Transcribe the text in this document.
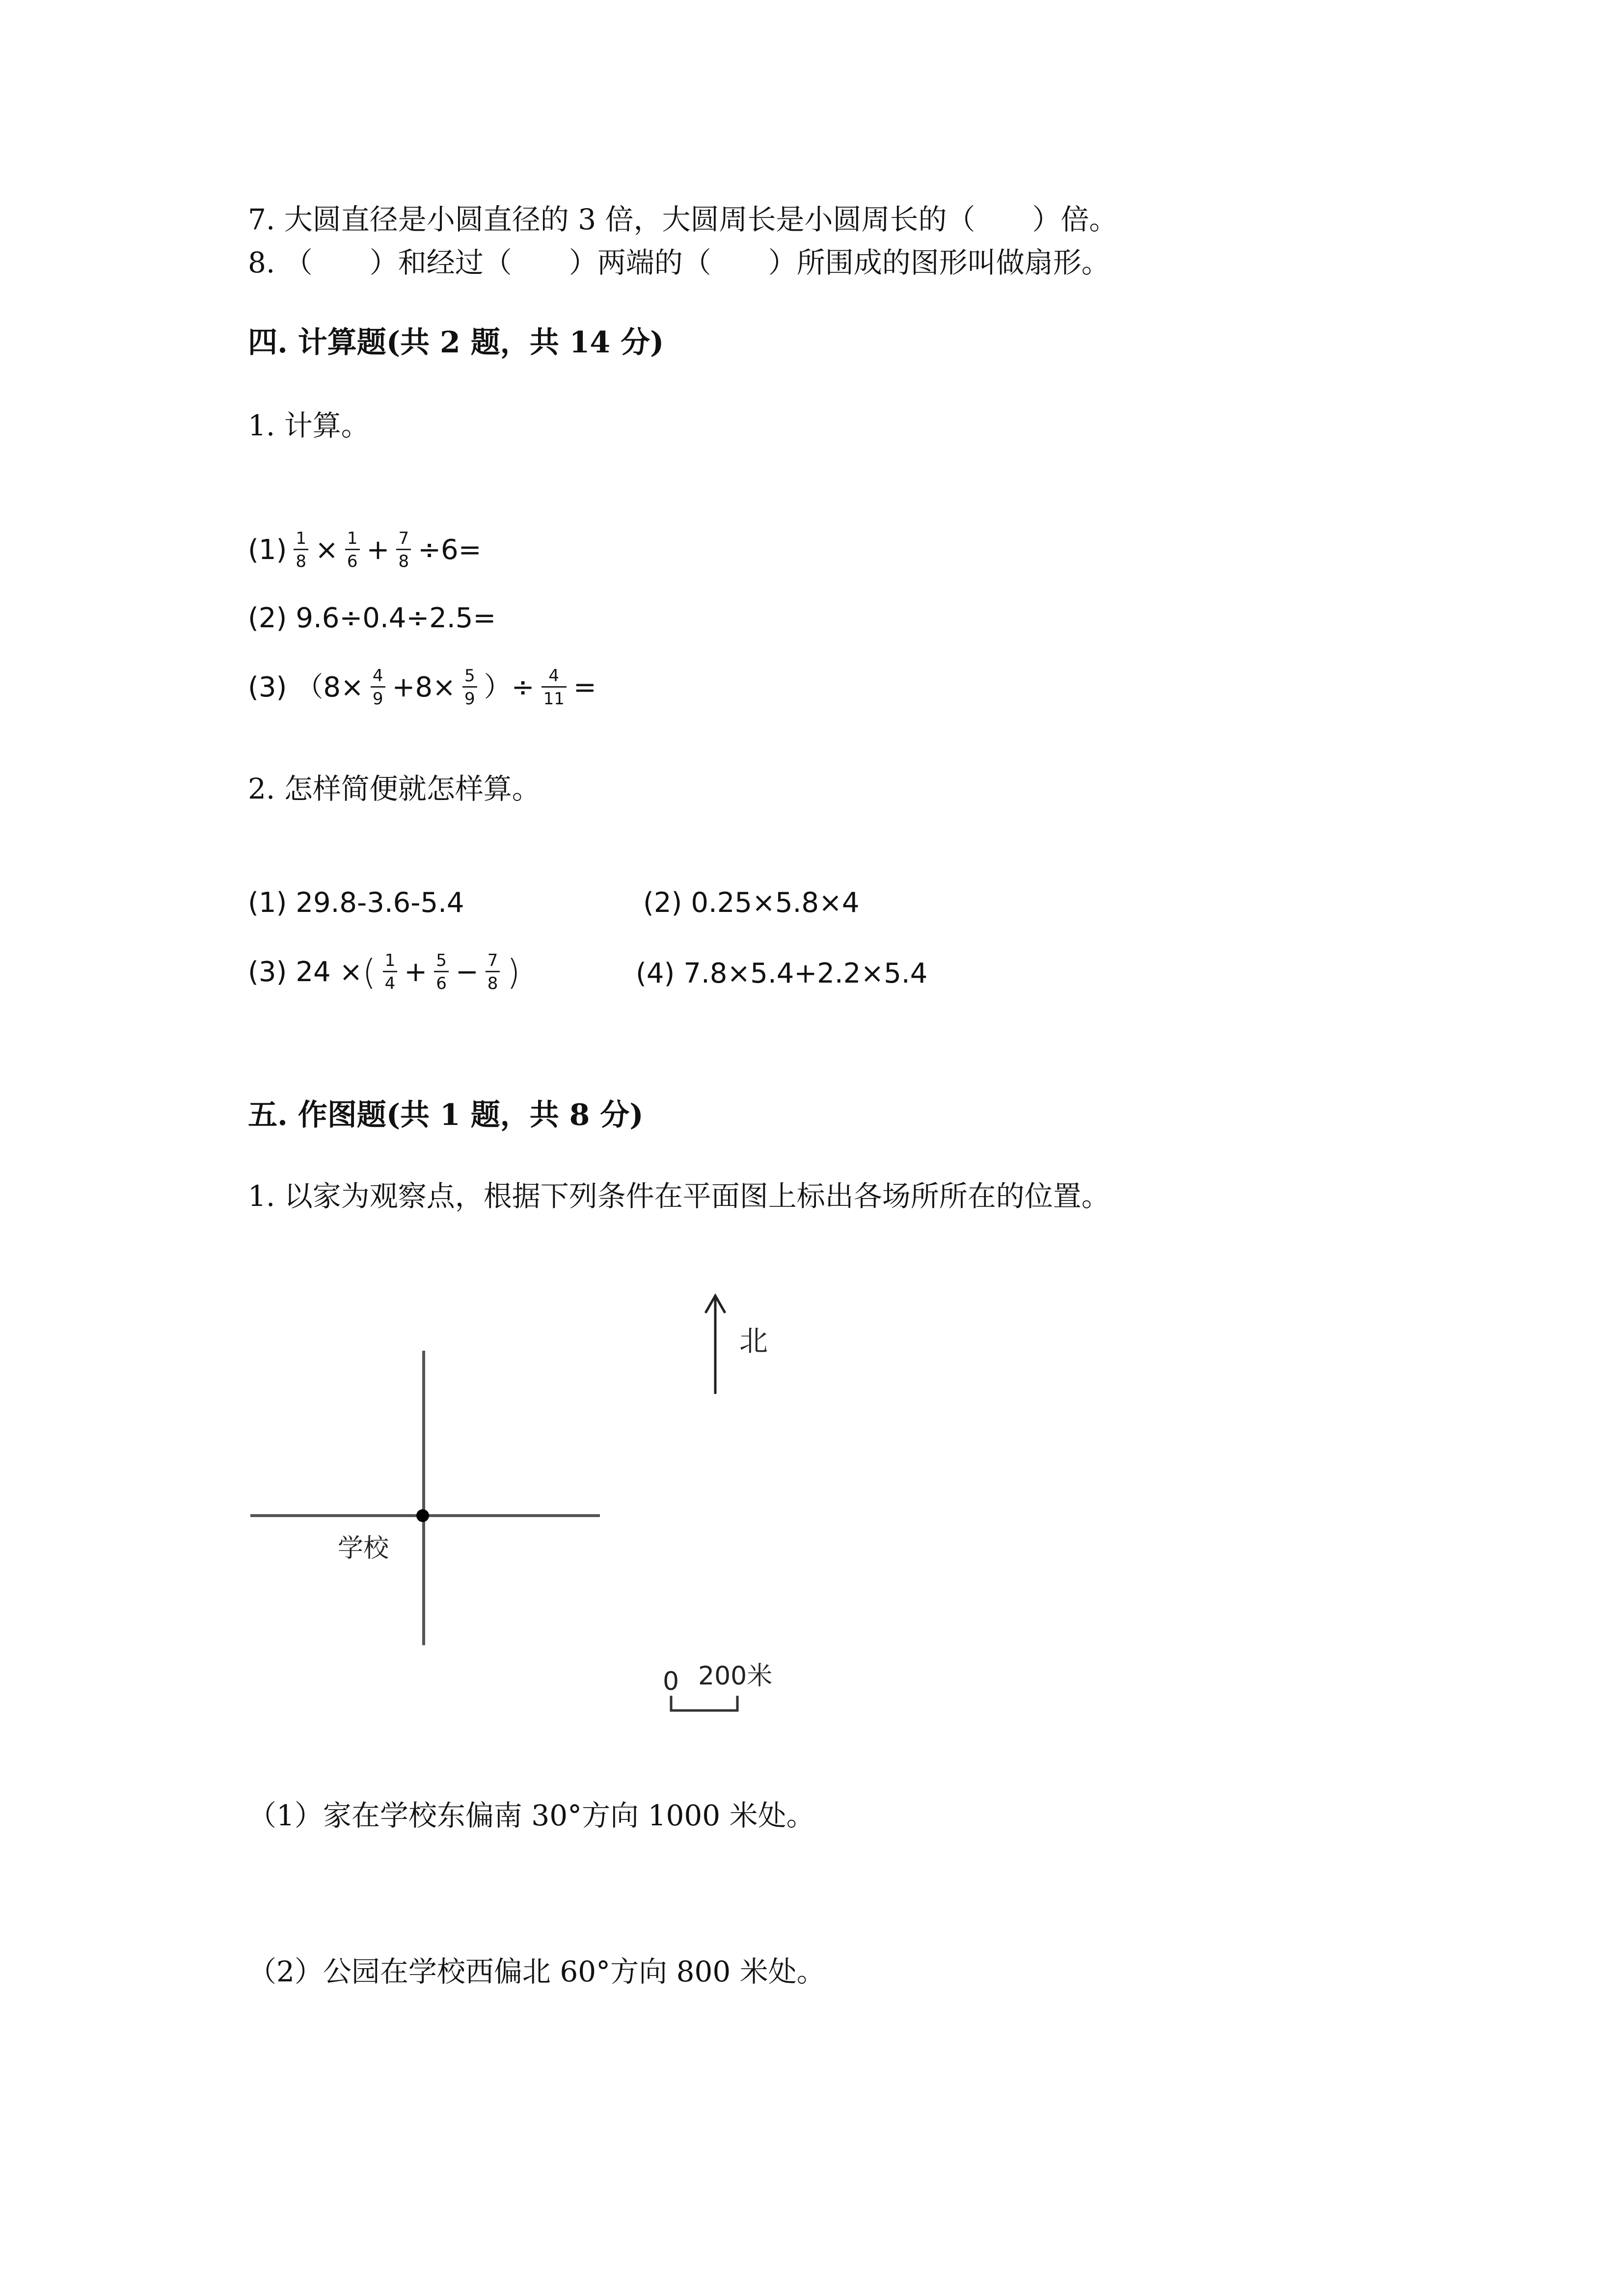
7. 大圆直径是小圆直径的 3 倍，大圆周长是小圆周长的（　　）倍。
8. （　　）和经过（　　）两端的（　　）所围成的图形叫做扇形。
四. 计算题(共 2 题，共 14 分)
1. 计算。
$(1) \frac{1}{8} \times \frac{1}{6} + \frac{7}{8} \div 6=$
(2) 9.6÷0.4÷2.5=
(3) （$8\times \frac{4}{9} +8\times \frac{5}{9}$ ）÷ $\frac{4}{11}$ =
2. 怎样简便就怎样算。
(1) 29.8-3.6-5.4	(2) 0.25×5.8×4
(3) 24 × ( $\frac{1}{4} + \frac{5}{6} - \frac{7}{8}$ )	(4) 7.8×5.4+2.2×5.4
五. 作图题(共 1 题，共 8 分)
1. 以家为观察点，根据下列条件在平面图上标出各场所所在的位置。
北
学校
0 200米
（1）家在学校东偏南 30°方向 1000 米处。
（2）公园在学校西偏北 60°方向 800 米处。
